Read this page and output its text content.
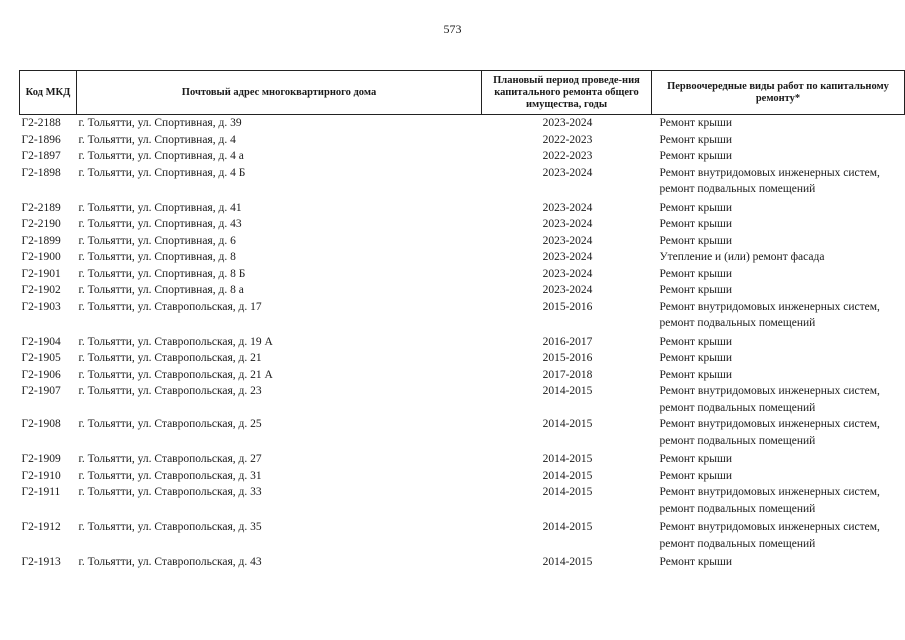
573
Код МКД	Почтовый адрес многоквартирного дома	Плановый период проведе-ния капитального ремонта общего имущества, годы	Первоочередные виды работ по капитальному ремонту*
Г2-2188	г. Тольятти, ул. Спортивная, д. 39	2023-2024	Ремонт крыши
Г2-1896	г. Тольятти, ул. Спортивная, д. 4	2022-2023	Ремонт крыши
Г2-1897	г. Тольятти, ул. Спортивная, д. 4 а	2022-2023	Ремонт крыши
Г2-1898	г. Тольятти, ул. Спортивная, д. 4 Б	2023-2024	Ремонт внутридомовых инженерных систем, ремонт подвальных помещений
Г2-2189	г. Тольятти, ул. Спортивная, д. 41	2023-2024	Ремонт крыши
Г2-2190	г. Тольятти, ул. Спортивная, д. 43	2023-2024	Ремонт крыши
Г2-1899	г. Тольятти, ул. Спортивная, д. 6	2023-2024	Ремонт крыши
Г2-1900	г. Тольятти, ул. Спортивная, д. 8	2023-2024	Утепление и (или) ремонт фасада
Г2-1901	г. Тольятти, ул. Спортивная, д. 8 Б	2023-2024	Ремонт крыши
Г2-1902	г. Тольятти, ул. Спортивная, д. 8 а	2023-2024	Ремонт крыши
Г2-1903	г. Тольятти, ул. Ставропольская, д. 17	2015-2016	Ремонт внутридомовых инженерных систем, ремонт подвальных помещений
Г2-1904	г. Тольятти, ул. Ставропольская, д. 19 А	2016-2017	Ремонт крыши
Г2-1905	г. Тольятти, ул. Ставропольская, д. 21	2015-2016	Ремонт крыши
Г2-1906	г. Тольятти, ул. Ставропольская, д. 21 А	2017-2018	Ремонт крыши
Г2-1907	г. Тольятти, ул. Ставропольская, д. 23	2014-2015	Ремонт внутридомовых инженерных систем, ремонт подвальных помещений
Г2-1908	г. Тольятти, ул. Ставропольская, д. 25	2014-2015	Ремонт внутридомовых инженерных систем, ремонт подвальных помещений
Г2-1909	г. Тольятти, ул. Ставропольская, д. 27	2014-2015	Ремонт крыши
Г2-1910	г. Тольятти, ул. Ставропольская, д. 31	2014-2015	Ремонт крыши
Г2-1911	г. Тольятти, ул. Ставропольская, д. 33	2014-2015	Ремонт внутридомовых инженерных систем, ремонт подвальных помещений
Г2-1912	г. Тольятти, ул. Ставропольская, д. 35	2014-2015	Ремонт внутридомовых инженерных систем, ремонт подвальных помещений
Г2-1913	г. Тольятти, ул. Ставропольская, д. 43	2014-2015	Ремонт крыши
